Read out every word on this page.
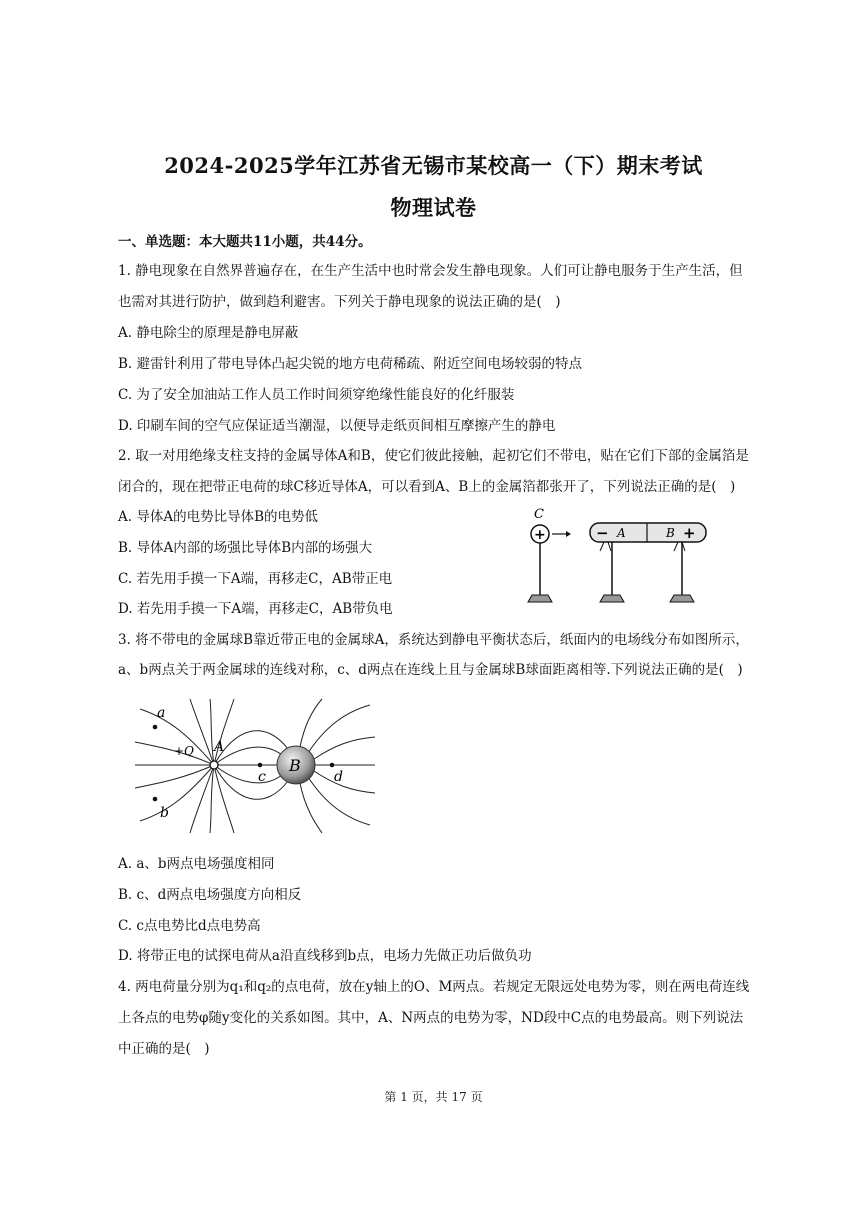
2024-2025学年江苏省无锡市某校高一（下）期末考试
物理试卷
一、单选题：本大题共11小题，共44分。
1. 静电现象在自然界普遍存在，在生产生活中也时常会发生静电现象。人们可让静电服务于生产生活，但
也需对其进行防护，做到趋利避害。下列关于静电现象的说法正确的是(　)
A. 静电除尘的原理是静电屏蔽
B. 避雷针利用了带电导体凸起尖锐的地方电荷稀疏、附近空间电场较弱的特点
C. 为了安全加油站工作人员工作时间须穿绝缘性能良好的化纤服装
D. 印刷车间的空气应保证适当潮湿，以便导走纸页间相互摩擦产生的静电
2. 取一对用绝缘支柱支持的金属导体A和B，使它们彼此接触，起初它们不带电，贴在它们下部的金属箔是
闭合的，现在把带正电荷的球C移近导体A，可以看到A、B上的金属箔都张开了，下列说法正确的是(　)
A. 导体A的电势比导体B的电势低
B. 导体A内部的场强比导体B内部的场强大
C. 若先用手摸一下A端，再移走C，AB带正电
D. 若先用手摸一下A端，再移走C，AB带负电
C
+	− A	B +
3. 将不带电的金属球B靠近带正电的金属球A，系统达到静电平衡状态后，纸面内的电场线分布如图所示，
a、b两点关于两金属球的连线对称，c、d两点在连线上且与金属球B球面距离相等.下列说法正确的是(　)
B
A
+Q
a
b
c	d
A. a、b两点电场强度相同
B. c、d两点电场强度方向相反
C. c点电势比d点电势高
D. 将带正电的试探电荷从a沿直线移到b点，电场力先做正功后做负功
4. 两电荷量分别为q₁和q₂的点电荷，放在y轴上的O、M两点。若规定无限远处电势为零，则在两电荷连线
上各点的电势φ随y变化的关系如图。其中，A、N两点的电势为零，ND段中C点的电势最高。则下列说法
中正确的是(　)
第 1 页，共 17 页
